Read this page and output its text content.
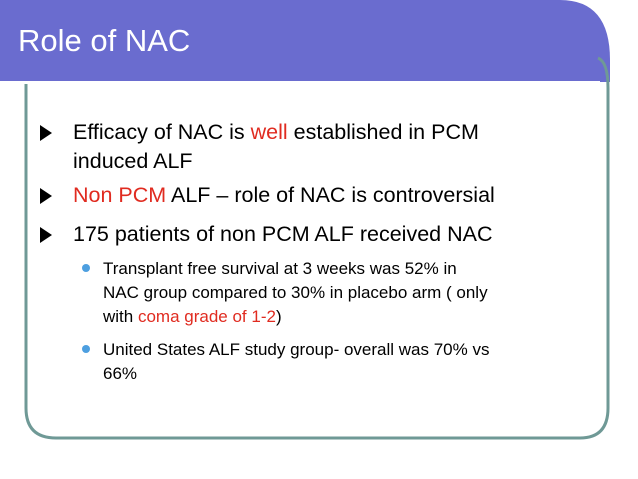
Role of NAC
Efficacy of NAC is well established in PCM
induced ALF
Non PCM ALF – role of NAC is controversial
175 patients of non PCM ALF received NAC
Transplant free survival at 3 weeks was 52% in
NAC group compared to 30% in placebo arm ( only
with coma grade of 1-2)
United States ALF study group- overall was 70% vs
66%
